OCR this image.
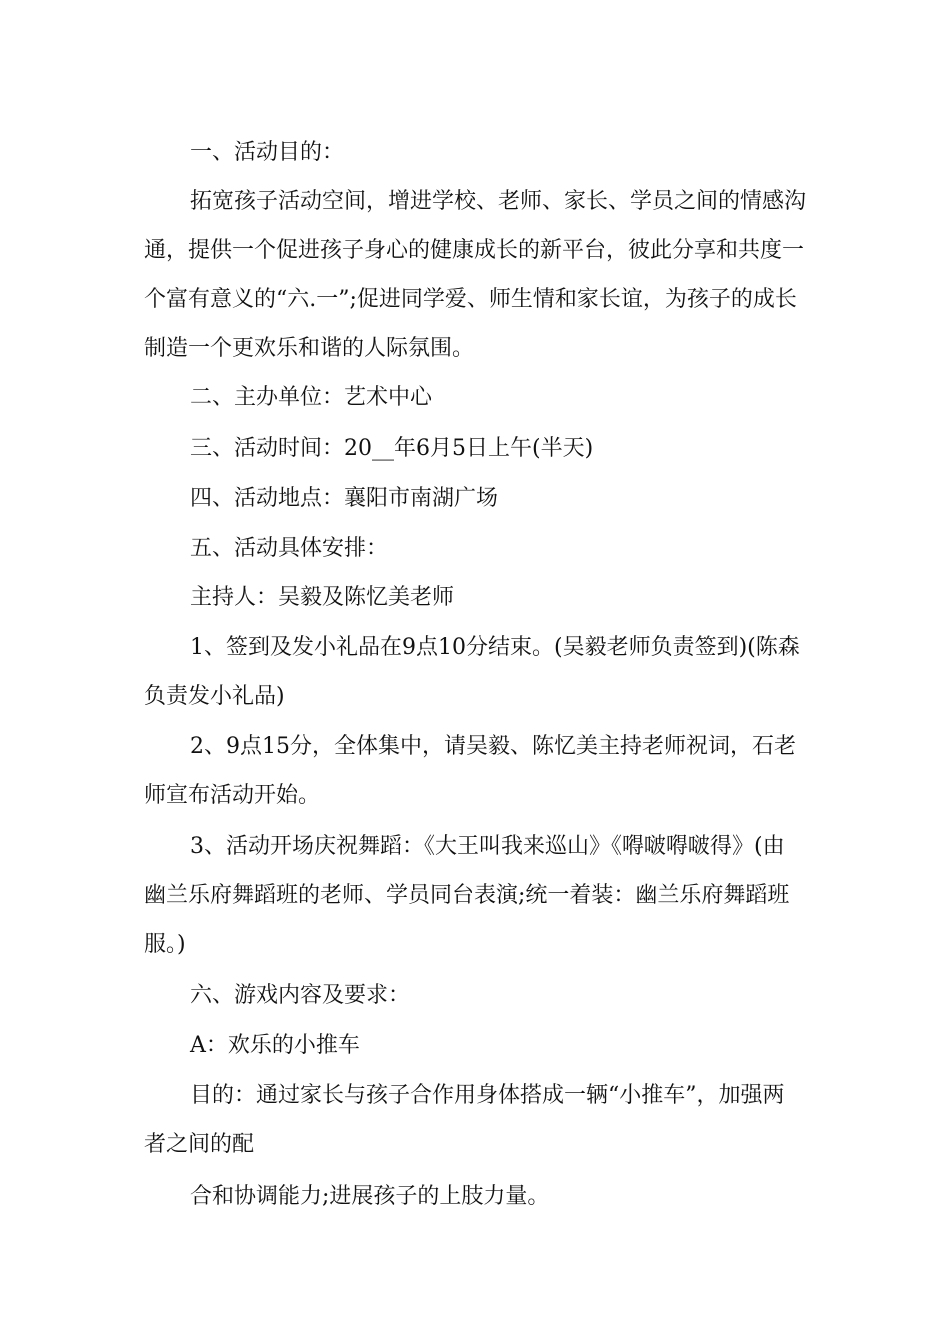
一、活动目的：

拓宽孩子活动空间，增进学校、老师、家长、学员之间的情感沟通，提供一个促进孩子身心的健康成长的新平台，彼此分享和共度一个富有意义的“六.一”;促进同学爱、师生情和家长谊，为孩子的成长制造一个更欢乐和谐的人际氛围。

二、主办单位：艺术中心

三、活动时间：20__年6月5日上午(半天)

四、活动地点：襄阳市南湖广场

五、活动具体安排：

主持人：吴毅及陈忆美老师

1、签到及发小礼品在9点10分结束。(吴毅老师负责签到)(陈森负责发小礼品)

2、9点15分，全体集中，请吴毅、陈忆美主持老师祝词，石老师宣布活动开始。

3、活动开场庆祝舞蹈：《大王叫我来巡山》《嘚啵嘚啵得》(由幽兰乐府舞蹈班的老师、学员同台表演;统一着装：幽兰乐府舞蹈班服。)

六、游戏内容及要求：

A：欢乐的小推车

目的：通过家长与孩子合作用身体搭成一辆“小推车”，加强两者之间的配

合和协调能力;进展孩子的上肢力量。
